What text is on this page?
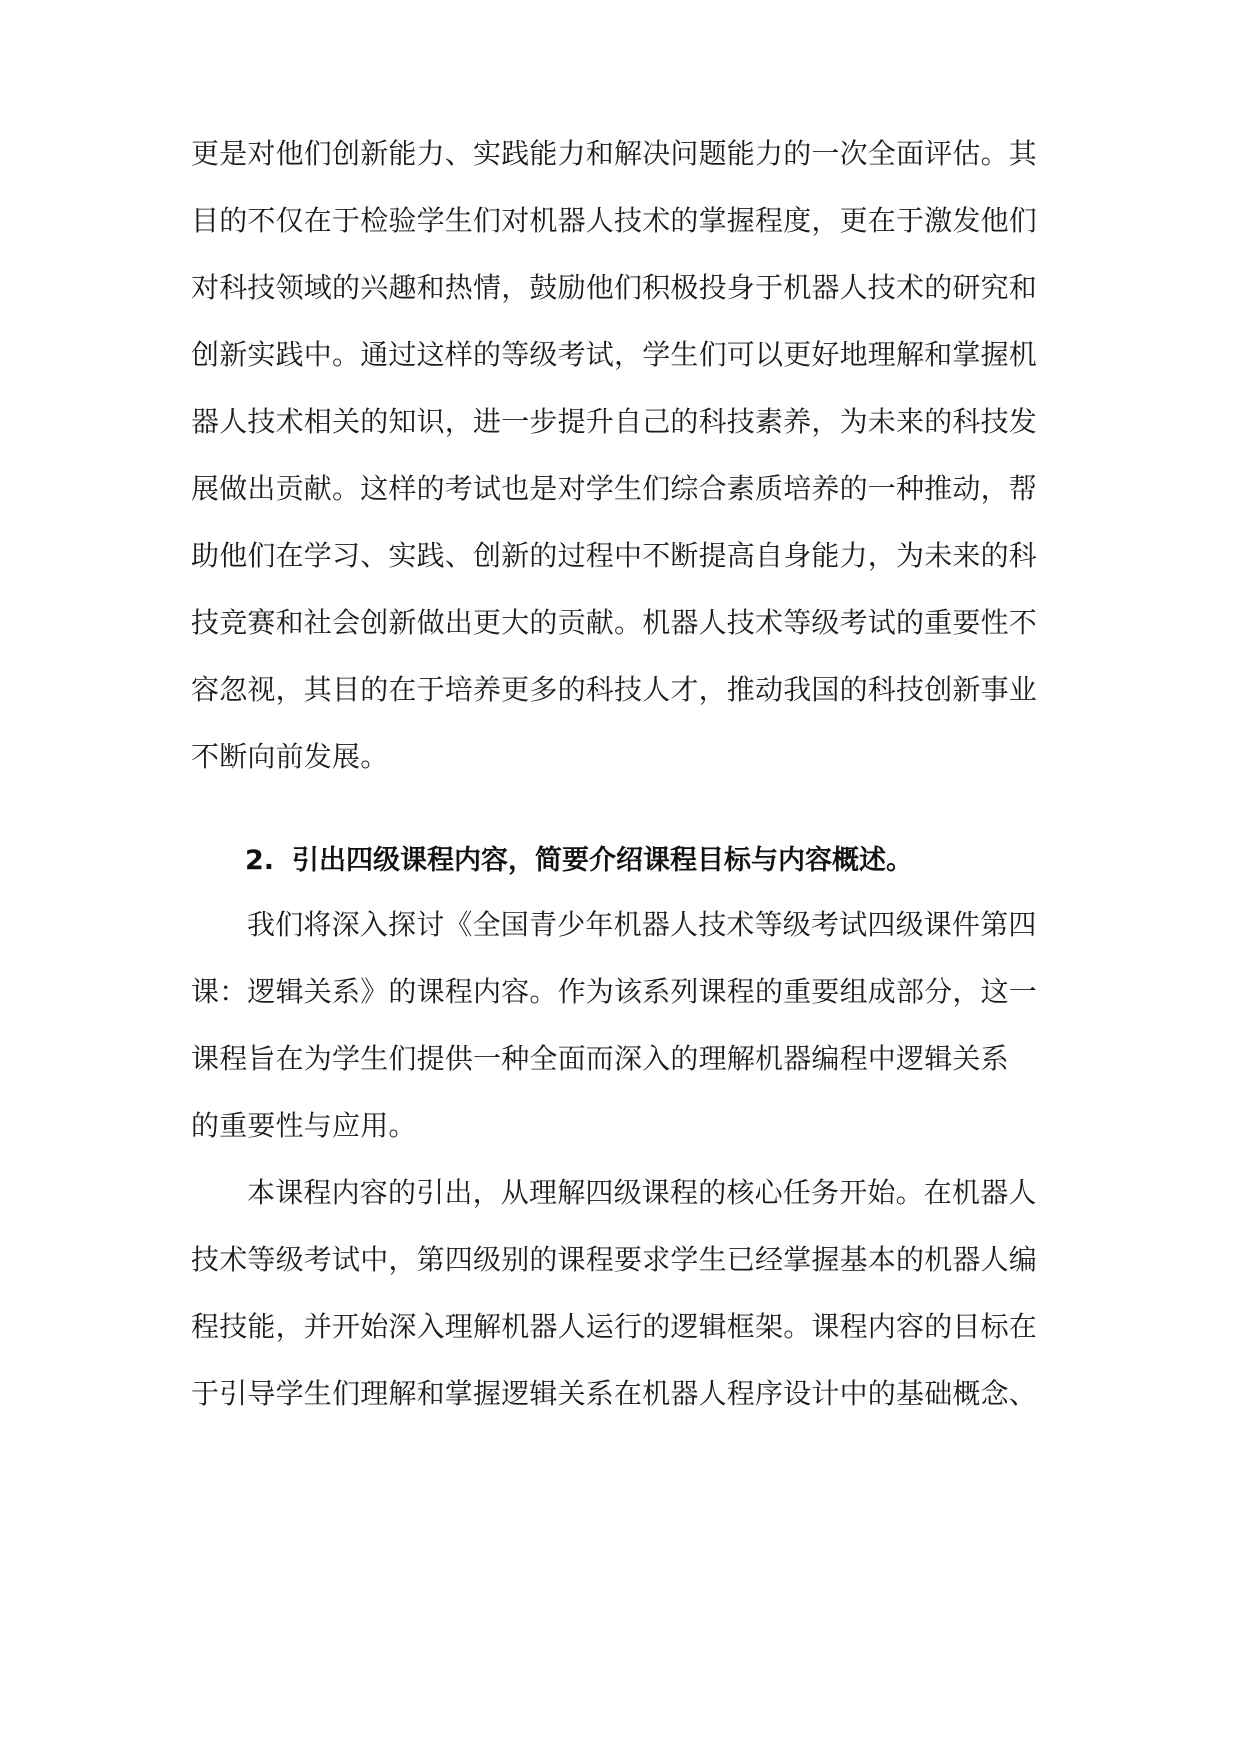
更是对他们创新能力、实践能力和解决问题能力的一次全面评估。其
目的不仅在于检验学生们对机器人技术的掌握程度，更在于激发他们
对科技领域的兴趣和热情，鼓励他们积极投身于机器人技术的研究和
创新实践中。通过这样的等级考试，学生们可以更好地理解和掌握机
器人技术相关的知识，进一步提升自己的科技素养，为未来的科技发
展做出贡献。这样的考试也是对学生们综合素质培养的一种推动，帮
助他们在学习、实践、创新的过程中不断提高自身能力，为未来的科
技竞赛和社会创新做出更大的贡献。机器人技术等级考试的重要性不
容忽视，其目的在于培养更多的科技人才，推动我国的科技创新事业
不断向前发展。
2. 引出四级课程内容，简要介绍课程目标与内容概述。
我们将深入探讨《全国青少年机器人技术等级考试四级课件第四
课：逻辑关系》的课程内容。作为该系列课程的重要组成部分，这一
课程旨在为学生们提供一种全面而深入的理解机器编程中逻辑关系
的重要性与应用。
本课程内容的引出，从理解四级课程的核心任务开始。在机器人
技术等级考试中，第四级别的课程要求学生已经掌握基本的机器人编
程技能，并开始深入理解机器人运行的逻辑框架。课程内容的目标在
于引导学生们理解和掌握逻辑关系在机器人程序设计中的基础概念、
